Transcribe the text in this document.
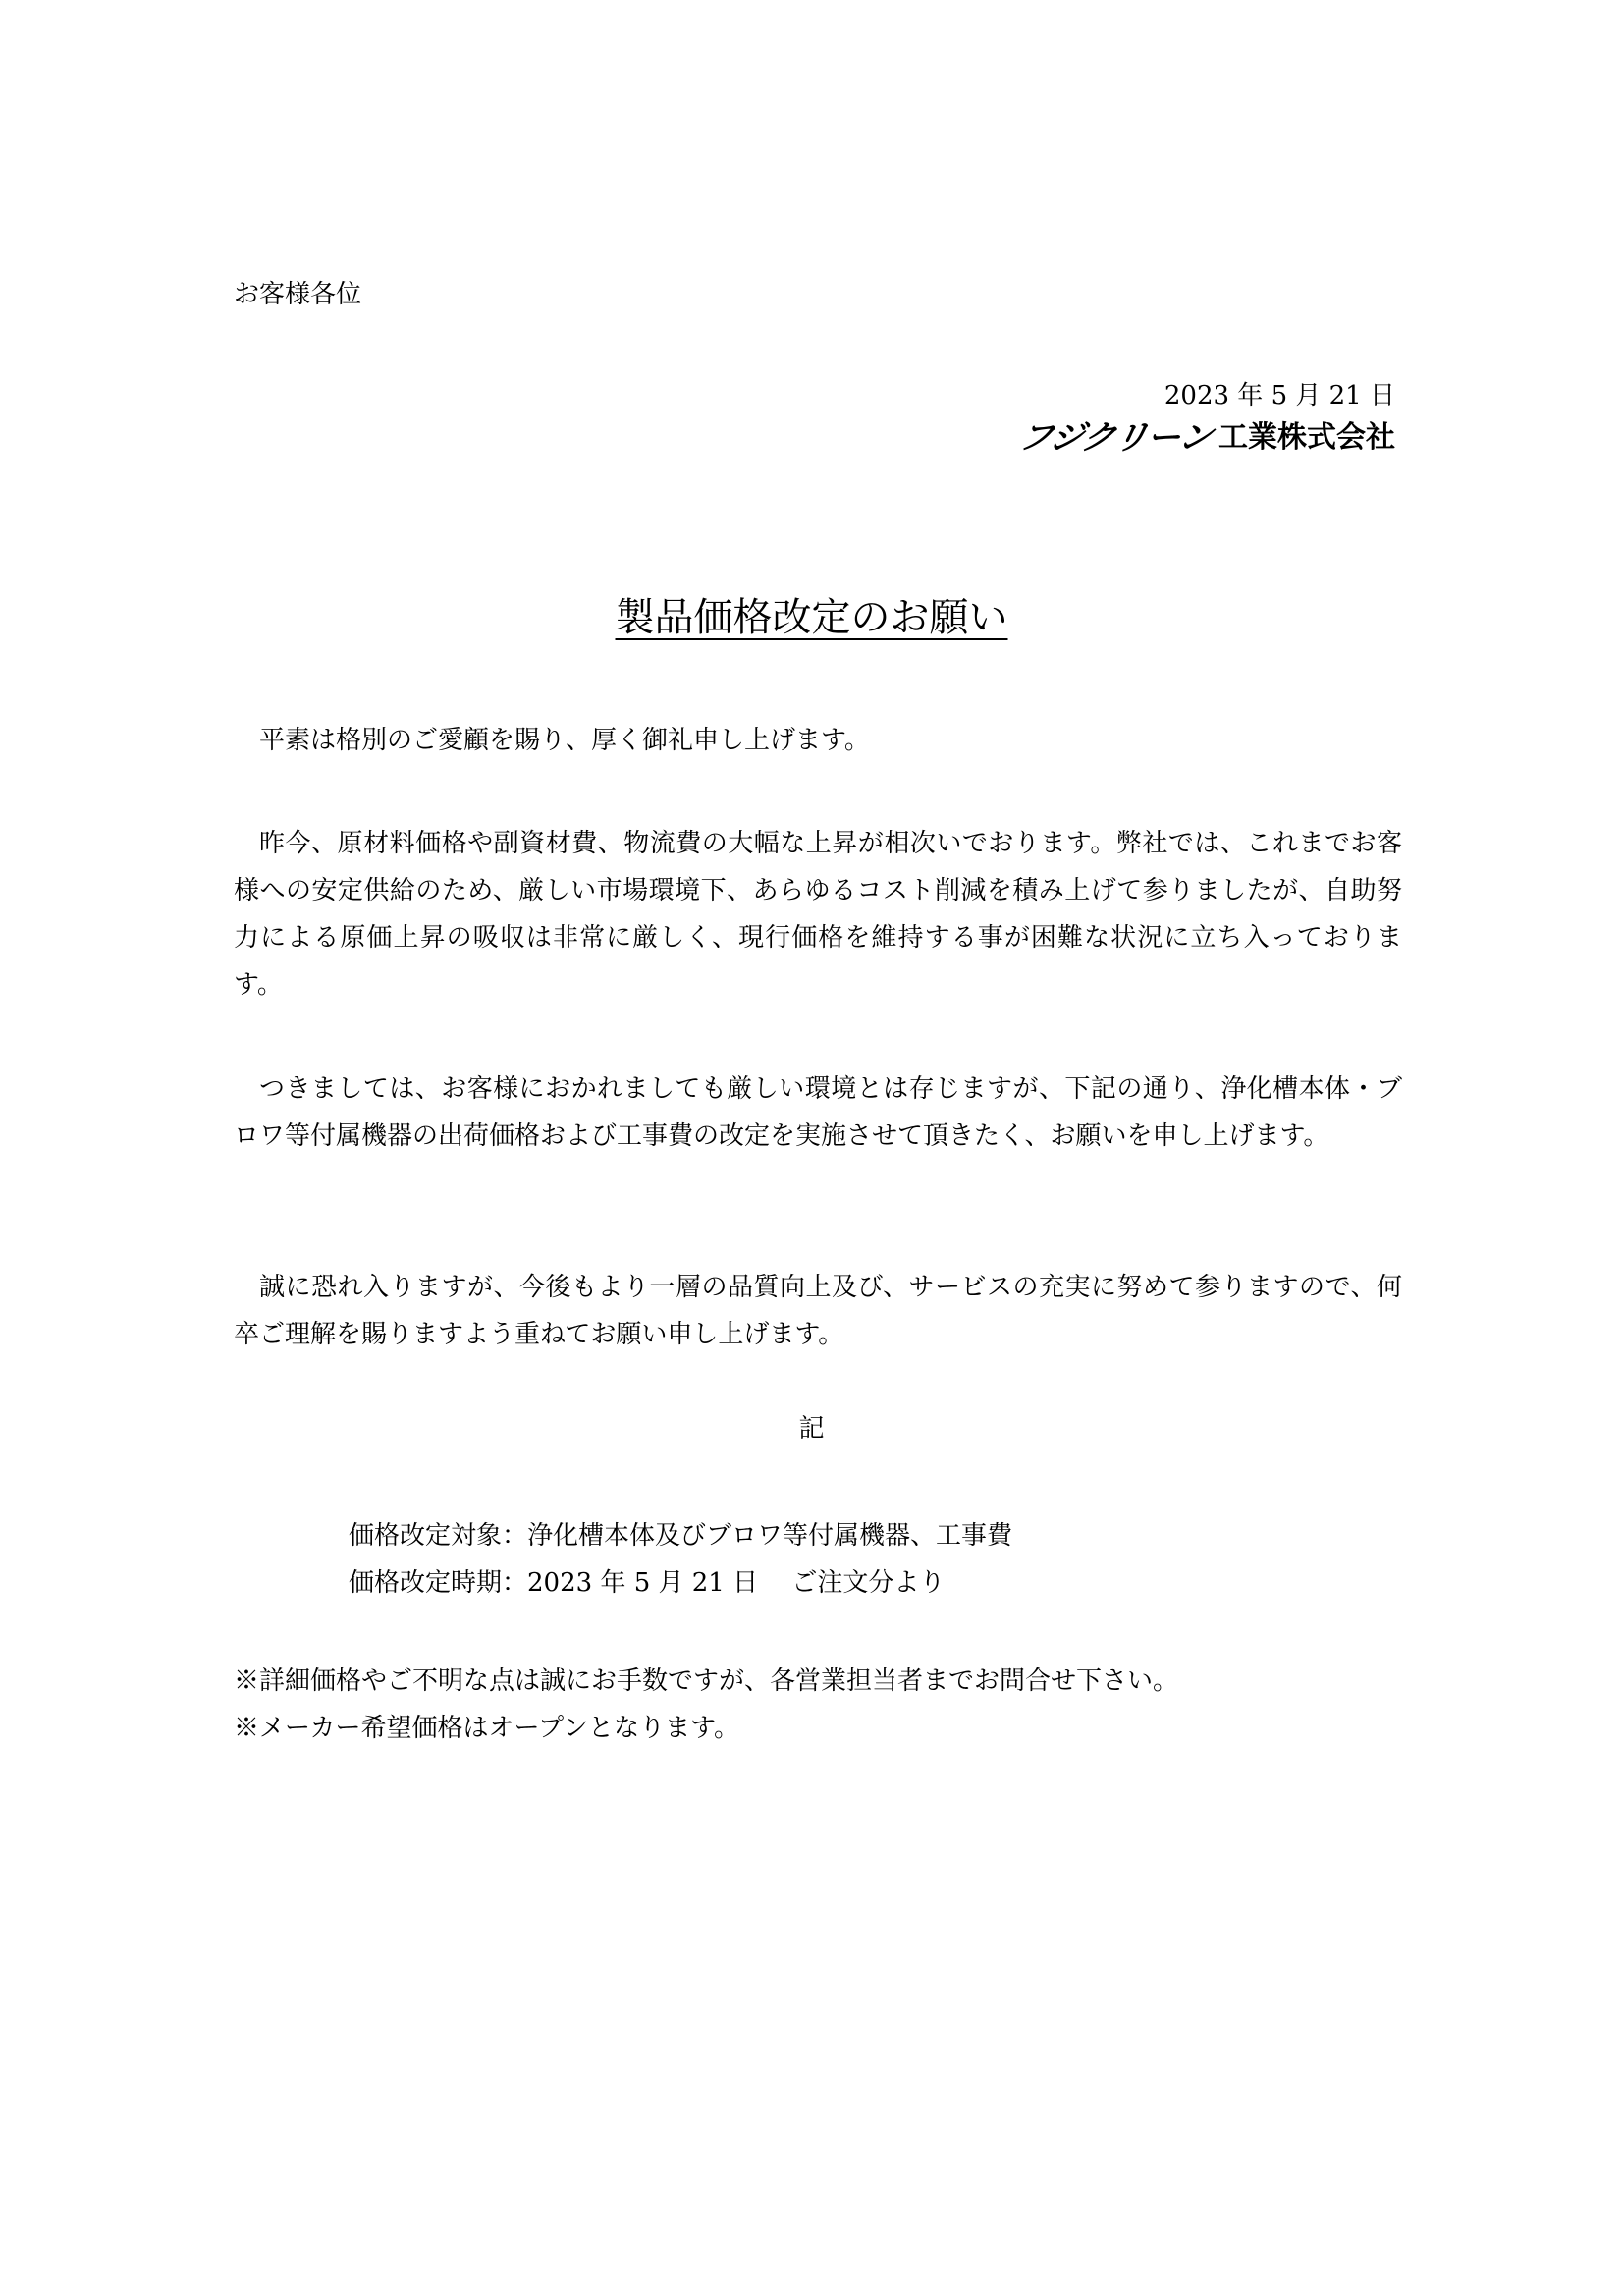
お客様各位
2023 年 5 月 21 日
フジクリーン 工業株式会社
製品価格改定のお願い

平素は格別のご愛顧を賜り、厚く御礼申し上げます。

昨今、原材料価格や副資材費、物流費の大幅な上昇が相次いでおります。弊社では、これまでお客様への安定供給のため、厳しい市場環境下、あらゆるコスト削減を積み上げて参りましたが、自助努力による原価上昇の吸収は非常に厳しく、現行価格を維持する事が困難な状況に立ち入っております。

つきましては、お客様におかれましても厳しい環境とは存じますが、下記の通り、浄化槽本体・ブロワ等付属機器の出荷価格および工事費の改定を実施させて頂きたく、お願いを申し上げます。

誠に恐れ入りますが、今後もより一層の品質向上及び、サービスの充実に努めて参りますので、何卒ご理解を賜りますよう重ねてお願い申し上げます。

記
価格改定対象：浄化槽本体及びブロワ等付属機器、工事費
価格改定時期：2023 年 5 月 21 日　 ご注文分より
※詳細価格やご不明な点は誠にお手数ですが、各営業担当者までお問合せ下さい。
※メーカー希望価格はオープンとなります。
